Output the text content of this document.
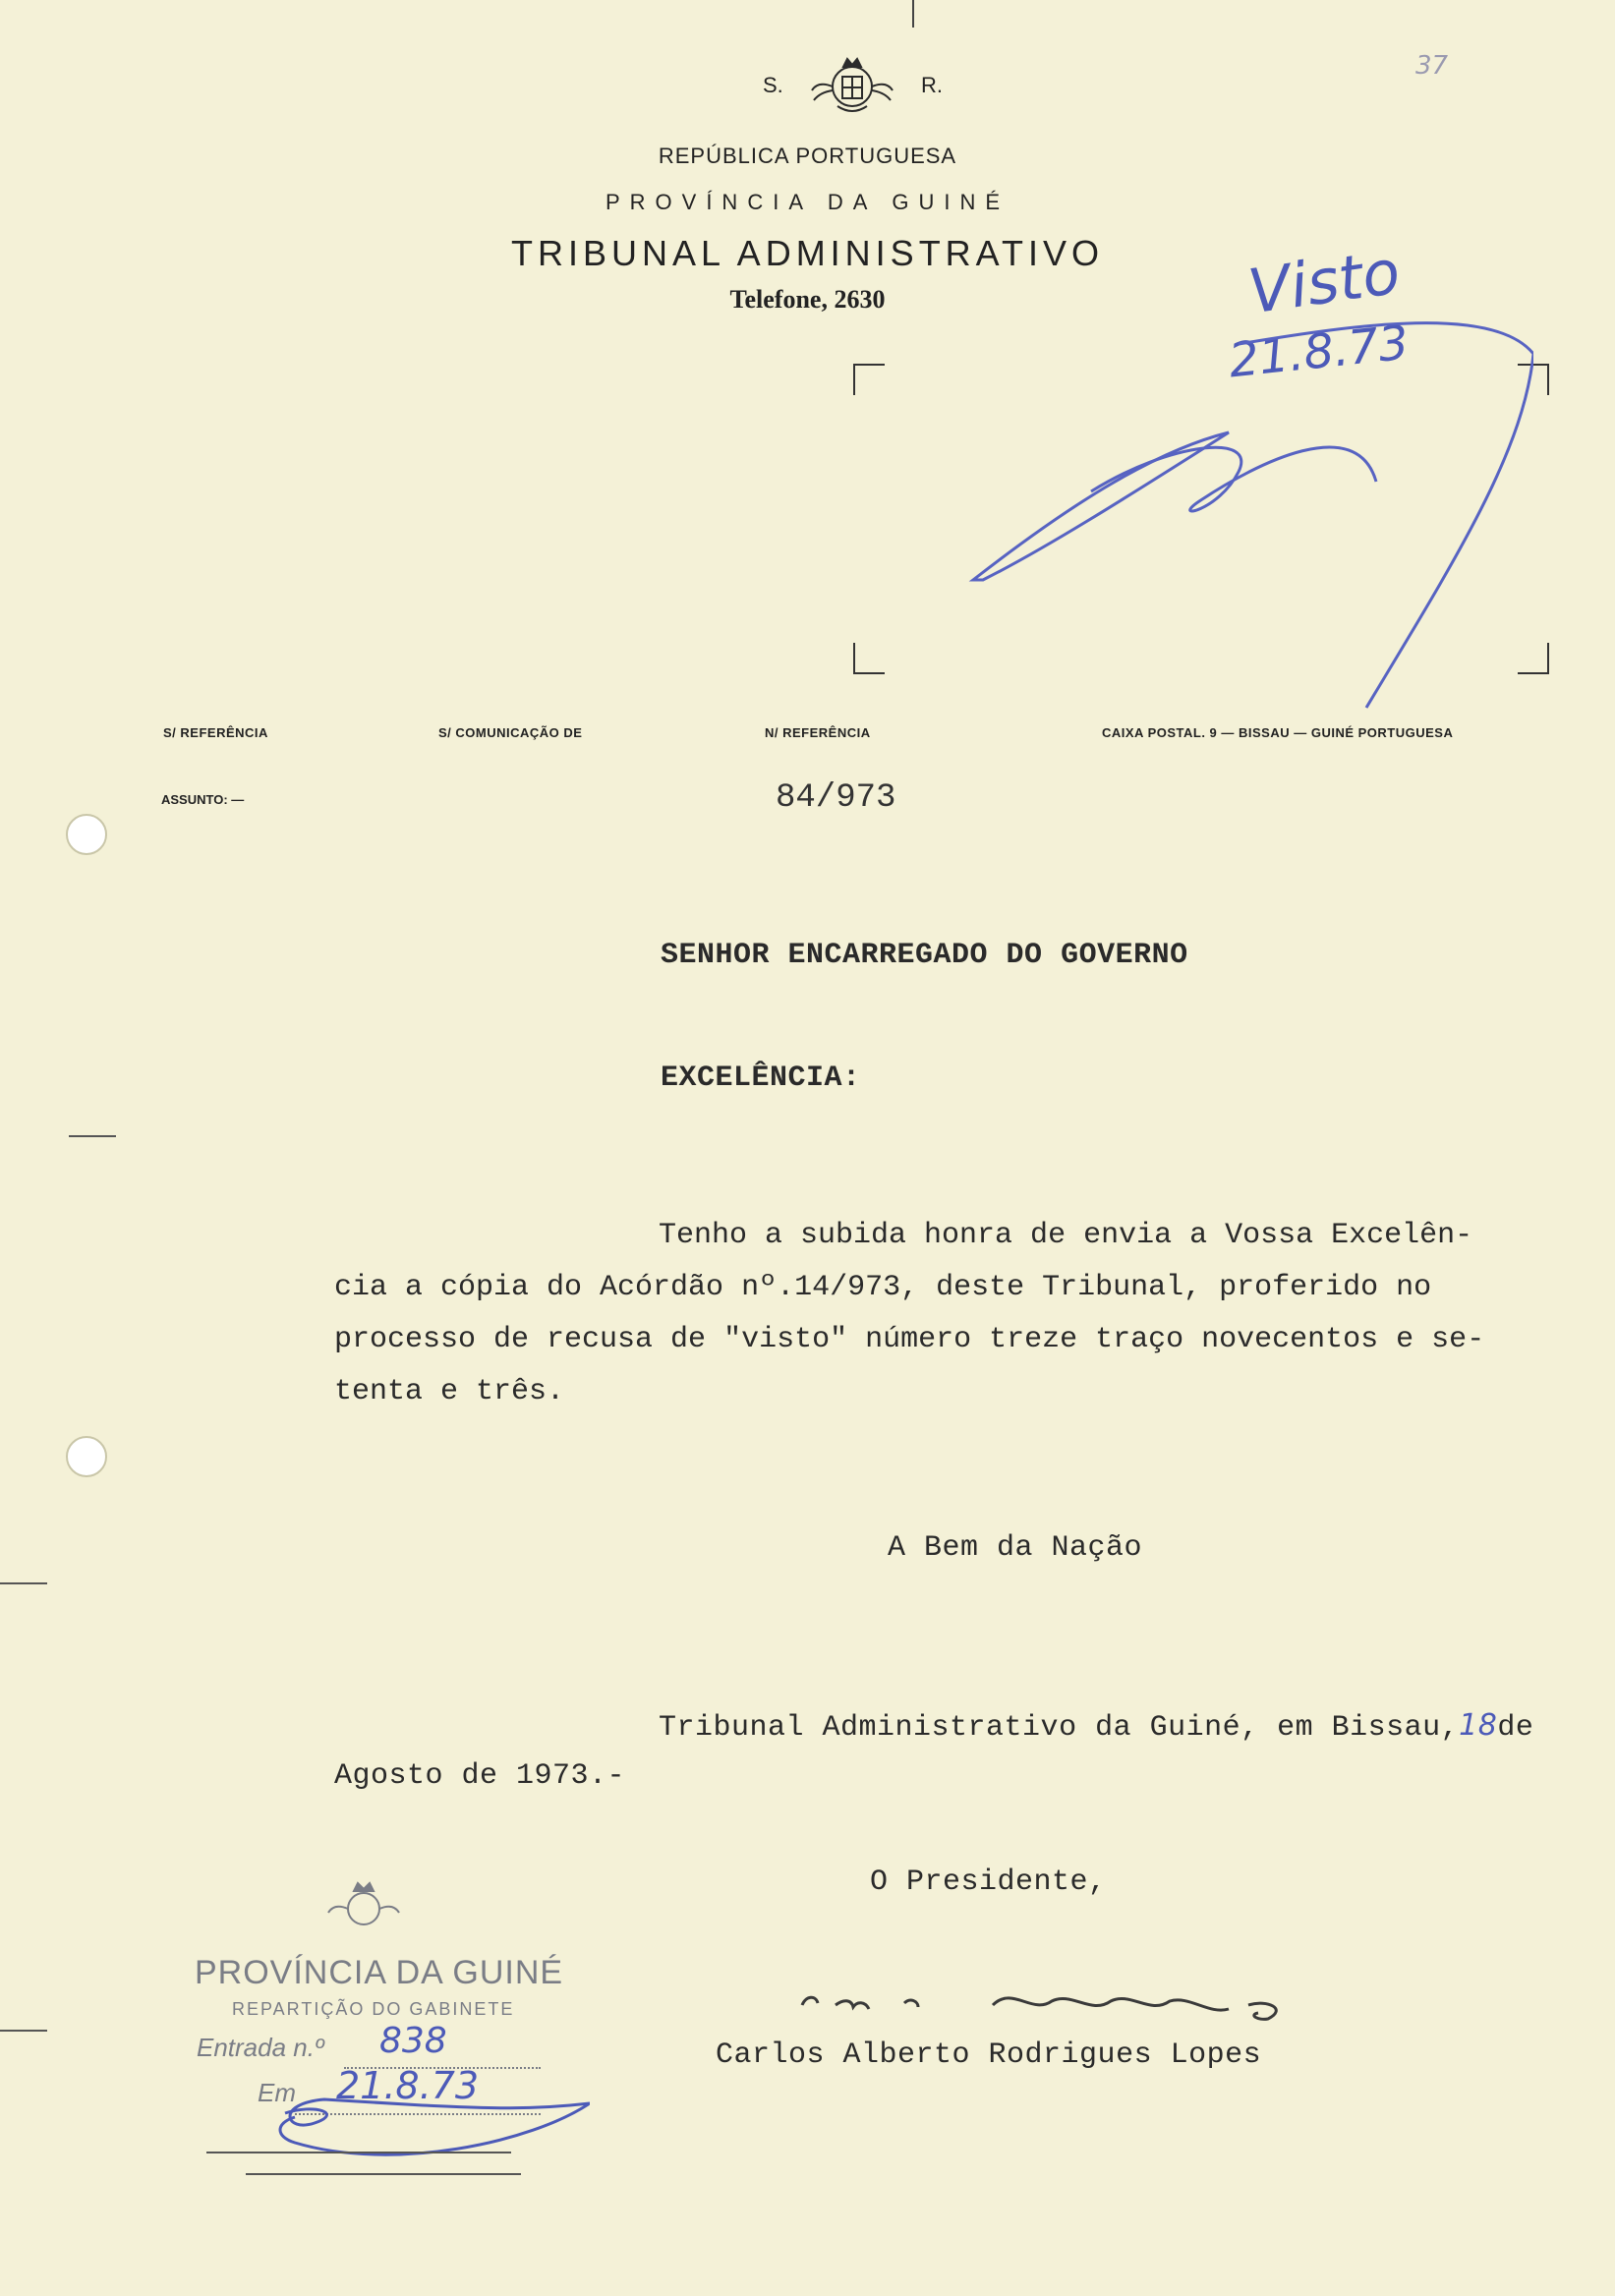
37
S.	R.
REPÚBLICA PORTUGUESA
PROVÍNCIA DA GUINÉ
TRIBUNAL ADMINISTRATIVO
Telefone, 2630	Visto
21.8.73
S/ REFERÊNCIA	S/ COMUNICAÇÃO DE	N/ REFERÊNCIA	CAIXA POSTAL. 9 — BISSAU — GUINÉ PORTUGUESA
ASSUNTO: —	84/973
SENHOR ENCARREGADO DO GOVERNO
EXCELÊNCIA:
Tenho a subida honra de envia a Vossa Excelên-
cia a cópia do Acórdão nº.14/973, deste Tribunal, proferido no
processo de recusa de "visto" número treze traço novecentos e se-
tenta e três.
A Bem da Nação
Tribunal Administrativo da Guiné, em Bissau,18de
Agosto de 1973.-
O Presidente,
Carlos Alberto Rodrigues Lopes
PROVÍNCIA DA GUINÉ
REPARTIÇÃO DO GABINETE
Entrada n.º 838
Em 21.8.73
